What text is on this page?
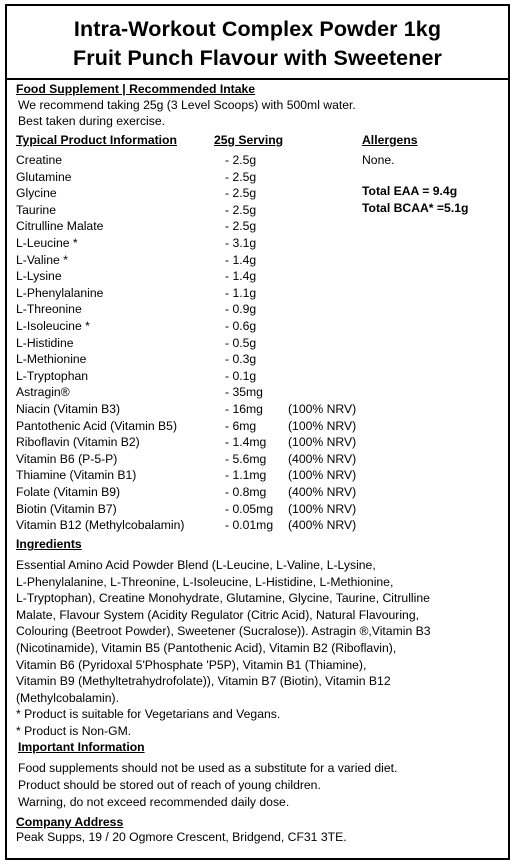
Intra-Workout Complex Powder 1kg
Fruit Punch Flavour with Sweetener
Food Supplement | Recommended Intake
We recommend taking 25g (3 Level Scoops) with 500ml water.
Best taken during exercise.
Typical Product Information	25g Serving	Allergens
None.
Total EAA = 9.4g
Total BCAA* =5.1g
Creatine	- 2.5g
Glutamine	- 2.5g
Glycine	- 2.5g
Taurine	- 2.5g
Citrulline Malate	- 2.5g
L-Leucine *	- 3.1g
L-Valine *	- 1.4g
L-Lysine	- 1.4g
L-Phenylalanine	- 1.1g
L-Threonine	- 0.9g
L-Isoleucine *	- 0.6g
L-Histidine	- 0.5g
L-Methionine	- 0.3g
L-Tryptophan	- 0.1g
Astragin®	- 35mg
Niacin (Vitamin B3)	- 16mg (100% NRV)
Pantothenic Acid (Vitamin B5)	- 6mg	(100% NRV)
Riboflavin (Vitamin B2)	- 1.4mg (100% NRV)
Vitamin B6 (P-5-P)	- 5.6mg (400% NRV)
Thiamine (Vitamin B1)	- 1.1mg (100% NRV)
Folate (Vitamin B9)	- 0.8mg (400% NRV)
Biotin (Vitamin B7)	- 0.05mg (100% NRV)
Vitamin B12 (Methylcobalamin)	- 0.01mg (400% NRV)
Ingredients
Essential Amino Acid Powder Blend (L-Leucine, L-Valine, L-Lysine,
L-Phenylalanine, L-Threonine, L-Isoleucine, L-Histidine, L-Methionine,
L-Tryptophan), Creatine Monohydrate, Glutamine, Glycine, Taurine, Citrulline
Malate, Flavour System (Acidity Regulator (Citric Acid), Natural Flavouring,
Colouring (Beetroot Powder), Sweetener (Sucralose)). Astragin ®,Vitamin B3
(Nicotinamide), Vitamin B5 (Pantothenic Acid), Vitamin B2 (Riboflavin),
Vitamin B6 (Pyridoxal 5'Phosphate 'P5P), Vitamin B1 (Thiamine),
Vitamin B9 (Methyltetrahydrofolate)), Vitamin B7 (Biotin), Vitamin B12
(Methylcobalamin).
* Product is suitable for Vegetarians and Vegans.
* Product is Non-GM.
Important Information
Food supplements should not be used as a substitute for a varied diet.
Product should be stored out of reach of young children.
Warning, do not exceed recommended daily dose.
Company Address
Peak Supps, 19 / 20 Ogmore Crescent, Bridgend, CF31 3TE.
